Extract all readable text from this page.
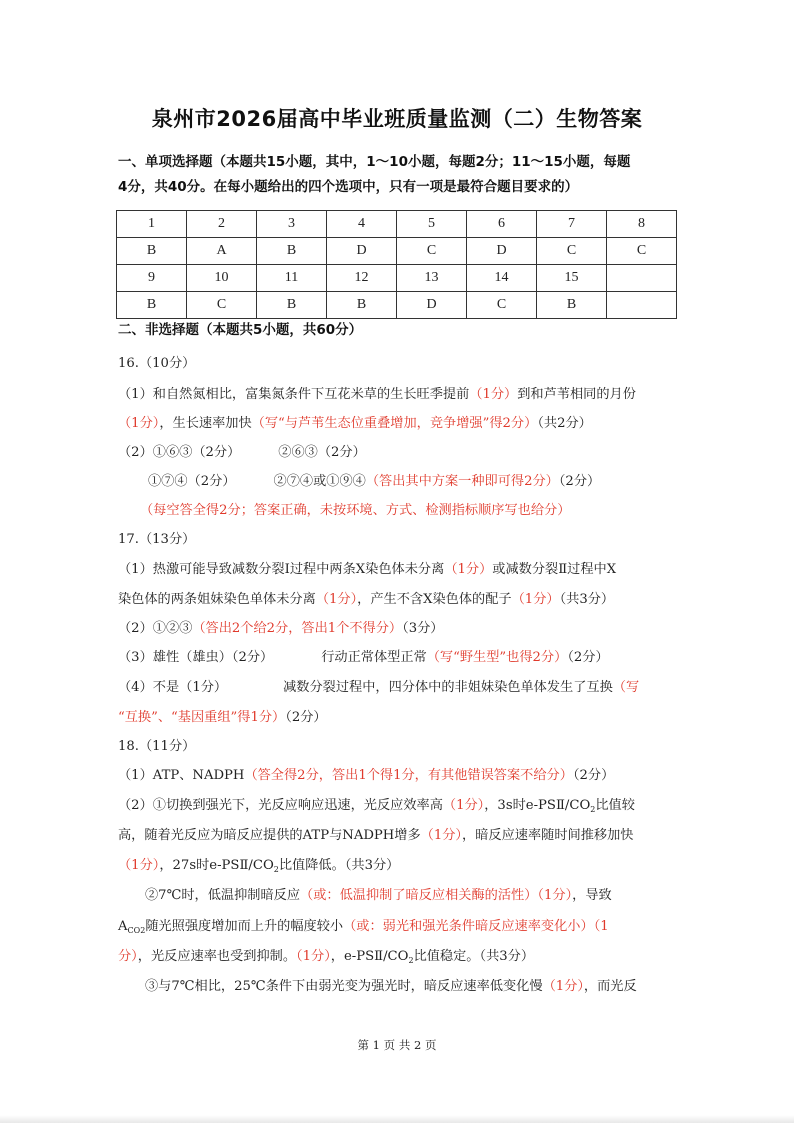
泉州市2026届高中毕业班质量监测（二）生物答案
一、单项选择题（本题共15小题，其中，1～10小题，每题2分；11～15小题，每题
4分，共40分。在每小题给出的四个选项中，只有一项是最符合题目要求的）
1	2	3	4	5	6	7	8
B	A	B	D	C	D	C	C
9	10	11	12	13	14	15	
B	C	B	B	D	C	B	
二、非选择题（本题共5小题，共60分）
16.（10分）
（1）和自然氮相比，富集氮条件下互花米草的生长旺季提前（1分）到和芦苇相同的月份
（1分），生长速率加快（写“与芦苇生态位重叠增加，竞争增强”得2分）（共2分）
（2）①⑥③（2分）	②⑥③（2分）
①⑦④（2分）	②⑦④或①⑨④（答出其中方案一种即可得2分）（2分）
（每空答全得2分；答案正确，未按环境、方式、检测指标顺序写也给分）
17.（13分）
（1）热激可能导致减数分裂Ⅰ过程中两条X染色体未分离（1分）或减数分裂Ⅱ过程中X
染色体的两条姐妹染色单体未分离（1分），产生不含X染色体的配子（1分）（共3分）
（2）①②③（答出2个给2分，答出1个不得分）（3分）
（3）雄性（雄虫）（2分）	行动正常体型正常（写“野生型”也得2分）（2分）
（4）不是（1分）	减数分裂过程中，四分体中的非姐妹染色单体发生了互换（写
“互换”、“基因重组”得1分）（2分）
18.（11分）
（1）ATP、NADPH（答全得2分，答出1个得1分，有其他错误答案不给分）（2分）
（2）①切换到强光下，光反应响应迅速，光反应效率高（1分），3s时$e-PSⅡ/CO_2$比值较
高，随着光反应为暗反应提供的ATP与NADPH增多（1分），暗反应速率随时间推移加快
（1分），27s时$e-PSⅡ/CO_2$比值降低。（共3分）
②7℃时，低温抑制暗反应（或：低温抑制了暗反应相关酶的活性）（1分），导致
$A_{CO2}$随光照强度增加而上升的幅度较小（或：弱光和强光条件暗反应速率变化小）（1
分），光反应速率也受到抑制。（1分），$e-PSⅡ/CO_2$比值稳定。（共3分）
③与7℃相比，25℃条件下由弱光变为强光时，暗反应速率低变化慢（1分），而光反
第 1 页 共 2 页
